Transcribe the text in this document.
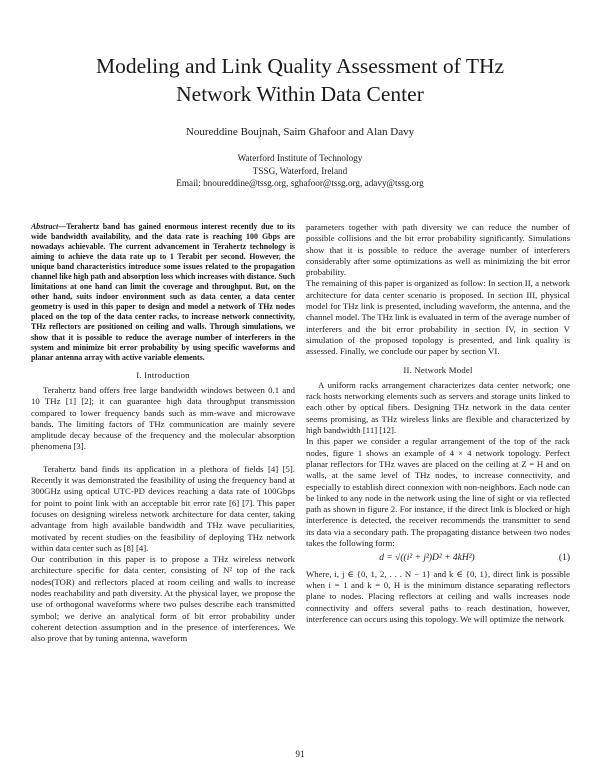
Modeling and Link Quality Assessment of THz
Network Within Data Center
Noureddine Boujnah, Saim Ghafoor and Alan Davy
Waterford Institute of Technology
TSSG, Waterford, Ireland
Email: bnoureddine@tssg.org, sghafoor@tssg.org, adavy@tssg.org

Abstract—Terahertz band has gained enormous interest recently due to its wide bandwidth availability, and the data rate is reaching 100 Gbps are nowadays achievable. The current advancement in Terahertz technology is aiming to achieve the data rate up to 1 Terabit per second. However, the unique band characteristics introduce some issues related to the propagation channel like high path and absorption loss which increases with distance. Such limitations at one hand can limit the coverage and throughput. But, on the other hand, suits indoor environment such as data center, a data center geometry is used in this paper to design and model a network of THz nodes placed on the top of the data center racks, to increase network connectivity, THz reflectors are positioned on ceiling and walls. Through simulations, we show that it is possible to reduce the average number of interferers in the system and minimize bit error probability by using specific waveforms and planar antenna array with active variable elements.

I. Introduction

Terahertz band offers free large bandwidth windows between 0.1 and 10 THz [1] [2]; it can guarantee high data throughput transmission compared to lower frequency bands such as mm-wave and microwave bands. The limiting factors of THz communication are mainly severe amplitude decay because of the frequency and the molecular absorption phenomena [3].

Terahertz band finds its application in a plethora of fields [4] [5]. Recently it was demonstrated the feasibility of using the frequency band at 300GHz using optical UTC-PD devices reaching a data rate of 100Gbps for point to point link with an acceptable bit error rate [6] [7]. This paper focuses on designing wireless network architecture for data center, taking advantage from high available bandwidth and THz wave peculiarities, motivated by recent studies on the feasibility of deploying THz network within data center such as [8] [4].

Our contribution in this paper is to propose a THz wireless network architecture specific for data center, consisting of N² top of the rack nodes(TOR) and reflectors placed at room ceiling and walls to increase nodes reachability and path diversity. At the physical layer, we propose the use of orthogonal waveforms where two pulses describe each transmitted symbol; we derive an analytical form of bit error probability under coherent detection assumption and in the presence of interferences. We also prove that by tuning antenna, waveform

parameters together with path diversity we can reduce the number of possible collisions and the bit error probability significantly. Simulations show that it is possible to reduce the average number of interferers considerably after some optimizations as well as minimizing the bit error probability.

The remaining of this paper is organized as follow: In section II, a network architecture for data center scenario is proposed. In section III, physical model for THz link is presented, including waveform, the antenna, and the channel model. The THz link is evaluated in term of the average number of interferers and the bit error probability in section IV, in section V simulation of the proposed topology is presented, and link quality is assessed. Finally, we conclude our paper by section VI.

II. Network Model

A uniform racks arrangement characterizes data center network; one rack hosts networking elements such as servers and storage units linked to each other by optical fibers. Designing THz network in the data center seems promising, as THz wireless links are flexible and characterized by high bandwidth [11] [12].

In this paper we consider a regular arrangement of the top of the rack nodes, figure 1 shows an example of 4 × 4 network topology. Perfect planar reflectors for THz waves are placed on the ceiling at Z = H and on walls, at the same level of THz nodes, to increase connectivity, and especially to establish direct connexion with non-neighbors. Each node can be linked to any node in the network using the line of sight or via reflected path as shown in figure 2. For instance, if the direct link is blocked or high interference is detected, the receiver recommends the transmitter to send its data via a secondary path. The propagating distance between two nodes takes the following form:

d = √((i² + j²)D² + 4kH²)	(1)

Where, i, j ∈ {0, 1, 2, . . . N − 1} and k ∈ {0, 1}, direct link is possible when i = 1 and k = 0, H is the minimum distance separating reflectors plane to nodes. Placing reflectors at ceiling and walls increases node connectivity and offers several paths to reach destination, however, interference can occurs using this topology. We will optimize the network

91
